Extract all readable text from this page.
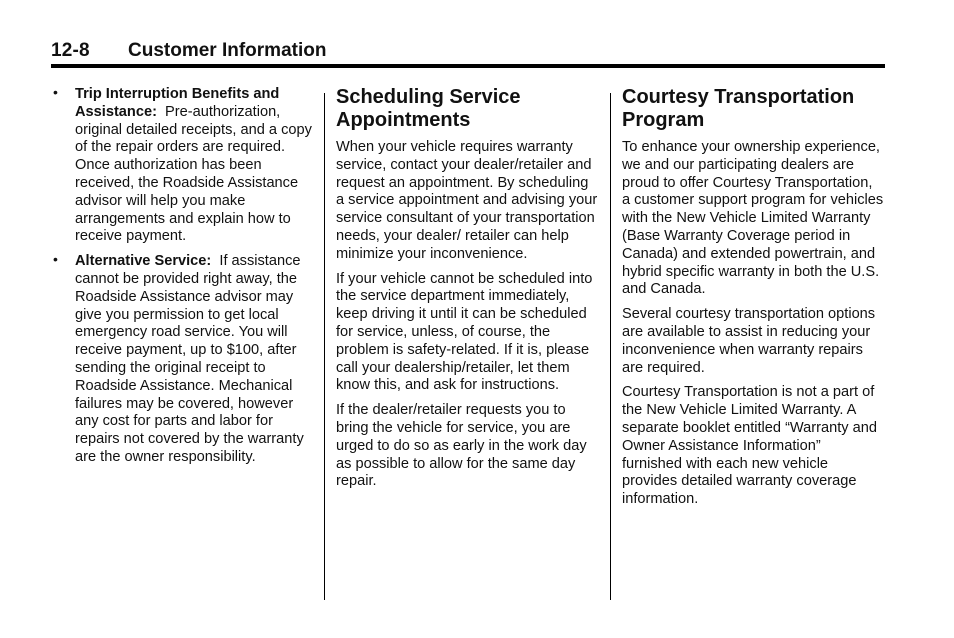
12-8 Customer Information
• Trip Interruption Benefits and Assistance: Pre-authorization, original detailed receipts, and a copy of the repair orders are required. Once authorization has been received, the Roadside Assistance advisor will help you make arrangements and explain how to receive payment.
• Alternative Service: If assistance cannot be provided right away, the Roadside Assistance advisor may give you permission to get local emergency road service. You will receive payment, up to $100, after sending the original receipt to Roadside Assistance. Mechanical failures may be covered, however any cost for parts and labor for repairs not covered by the warranty are the owner responsibility.
Scheduling Service Appointments

When your vehicle requires warranty service, contact your dealer/retailer and request an appointment. By scheduling a service appointment and advising your service consultant of your transportation needs, your dealer/ retailer can help minimize your inconvenience.

If your vehicle cannot be scheduled into the service department immediately, keep driving it until it can be scheduled for service, unless, of course, the problem is safety-related. If it is, please call your dealership/retailer, let them know this, and ask for instructions.

If the dealer/retailer requests you to bring the vehicle for service, you are urged to do so as early in the work day as possible to allow for the same day repair.

Courtesy Transportation Program

To enhance your ownership experience, we and our participating dealers are proud to offer Courtesy Transportation, a customer support program for vehicles with the New Vehicle Limited Warranty (Base Warranty Coverage period in Canada) and extended powertrain, and hybrid specific warranty in both the U.S. and Canada.

Several courtesy transportation options are available to assist in reducing your inconvenience when warranty repairs are required.

Courtesy Transportation is not a part of the New Vehicle Limited Warranty. A separate booklet entitled “Warranty and Owner Assistance Information” furnished with each new vehicle provides detailed warranty coverage information.
